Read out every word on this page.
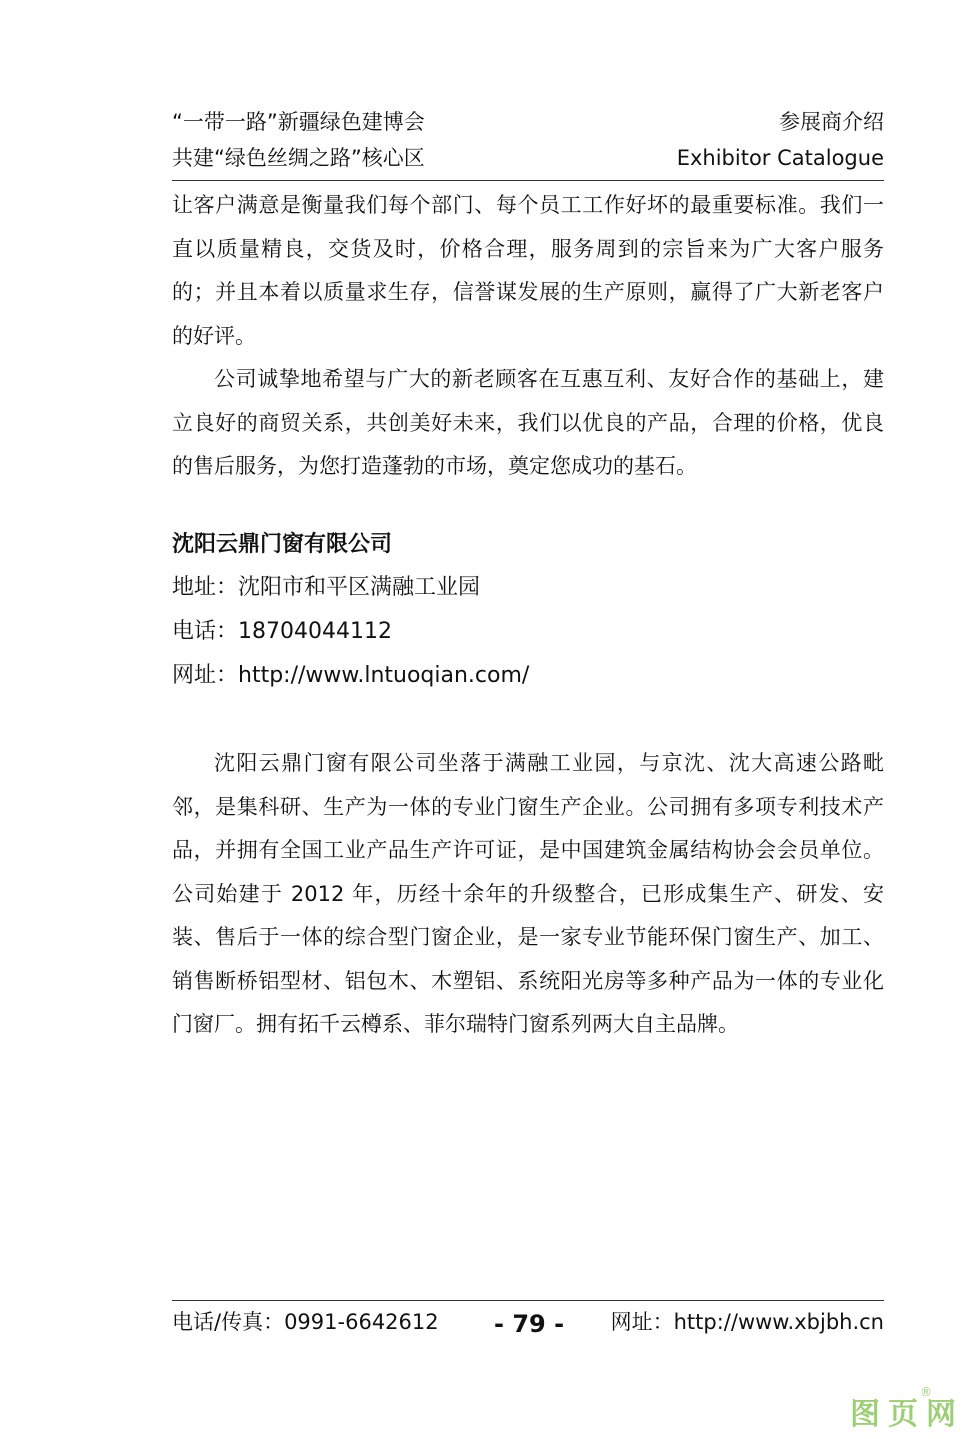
“一带一路”新疆绿色建博会	参展商介绍
共建“绿色丝绸之路”核心区	Exhibitor Catalogue

让客户满意是衡量我们每个部门、每个员工工作好坏的最重要标准。我们一直以质量精良，交货及时，价格合理，服务周到的宗旨来为广大客户服务的；并且本着以质量求生存，信誉谋发展的生产原则，赢得了广大新老客户的好评。

公司诚挚地希望与广大的新老顾客在互惠互利、友好合作的基础上，建立良好的商贸关系，共创美好未来，我们以优良的产品，合理的价格，优良的售后服务，为您打造蓬勃的市场，奠定您成功的基石。

沈阳云鼎门窗有限公司
地址：沈阳市和平区满融工业园
电话：18704044112
网址：http://www.lntuoqian.com/

沈阳云鼎门窗有限公司坐落于满融工业园，与京沈、沈大高速公路毗邻，是集科研、生产为一体的专业门窗生产企业。公司拥有多项专利技术产品，并拥有全国工业产品生产许可证，是中国建筑金属结构协会会员单位。公司始建于 2012 年，历经十余年的升级整合，已形成集生产、研发、安装、售后于一体的综合型门窗企业，是一家专业节能环保门窗生产、加工、销售断桥铝型材、铝包木、木塑铝、系统阳光房等多种产品为一体的专业化门窗厂。拥有拓千云樽系、菲尔瑞特门窗系列两大自主品牌。

电话/传真：0991-6642612 - 79 - 网址：http://www.xbjbh.cn
®
图页网
